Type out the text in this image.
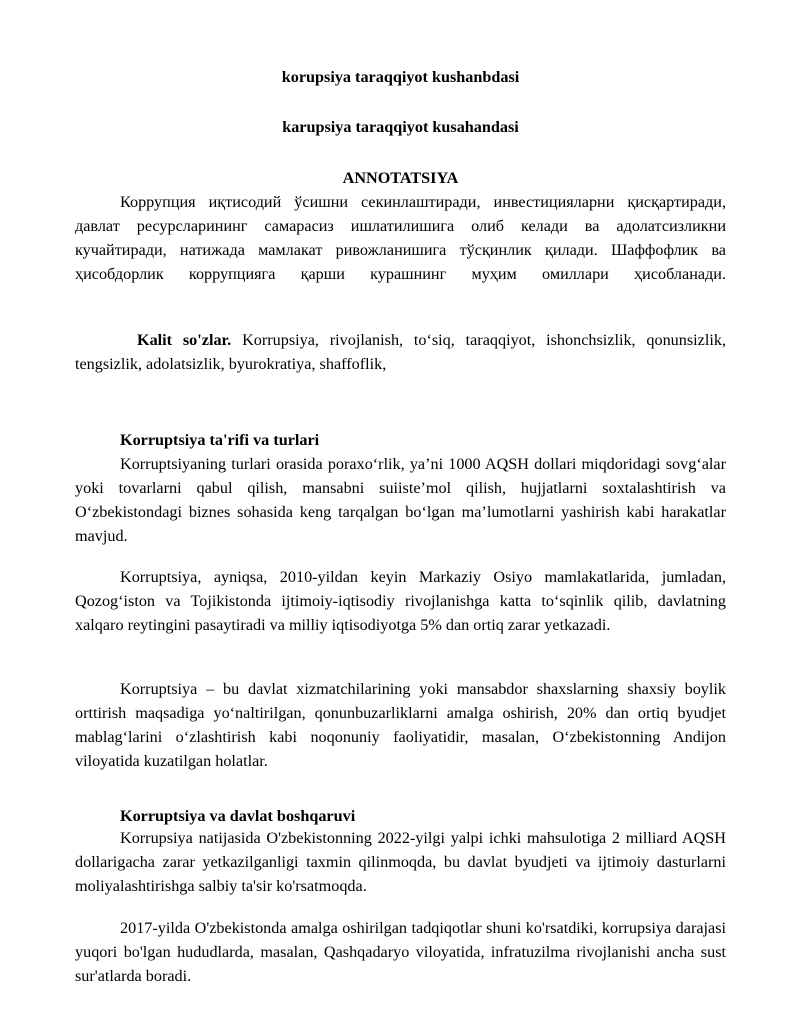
korupsiya taraqqiyot kushanbdasi

karupsiya taraqqiyot kusahandasi

ANNOTATSIYA

Коррупция иқтисодий ўсишни секинлаштиради, инвестицияларни қисқартиради, давлат ресурсларининг самарасиз ишлатилишига олиб келади ва адолатсизликни кучайтиради, натижада мамлакат ривожланишига тўсқинлик қилади. Шаффофлик ва ҳисобдорлик коррупцияга қарши курашнинг муҳим омиллари ҳисобланади.

Kalit so'zlar. Korrupsiya, rivojlanish, to‘siq, taraqqiyot, ishonchsizlik, qonunsizlik, tengsizlik, adolatsizlik, byurokratiya, shaffoflik,

Korruptsiya ta'rifi va turlari

Korruptsiyaning turlari orasida poraxo‘rlik, ya’ni 1000 AQSH dollari miqdoridagi sovg‘alar yoki tovarlarni qabul qilish, mansabni suiiste’mol qilish, hujjatlarni soxtalashtirish va O‘zbekistondagi biznes sohasida keng tarqalgan bo‘lgan ma’lumotlarni yashirish kabi harakatlar mavjud.

Korruptsiya, ayniqsa, 2010-yildan keyin Markaziy Osiyo mamlakatlarida, jumladan, Qozog‘iston va Tojikistonda ijtimoiy-iqtisodiy rivojlanishga katta to‘sqinlik qilib, davlatning xalqaro reytingini pasaytiradi va milliy iqtisodiyotga 5% dan ortiq zarar yetkazadi.

Korruptsiya – bu davlat xizmatchilarining yoki mansabdor shaxslarning shaxsiy boylik orttirish maqsadiga yo‘naltirilgan, qonunbuzarliklarni amalga oshirish, 20% dan ortiq byudjet mablag‘larini o‘zlashtirish kabi noqonuniy faoliyatidir, masalan, O‘zbekistonning Andijon viloyatida kuzatilgan holatlar.

Korruptsiya va davlat boshqaruvi

Korrupsiya natijasida O'zbekistonning 2022-yilgi yalpi ichki mahsulotiga 2 milliard AQSH dollarigacha zarar yetkazilganligi taxmin qilinmoqda, bu davlat byudjeti va ijtimoiy dasturlarni moliyalashtirishga salbiy ta'sir ko'rsatmoqda.

2017-yilda O'zbekistonda amalga oshirilgan tadqiqotlar shuni ko'rsatdiki, korrupsiya darajasi yuqori bo'lgan hududlarda, masalan, Qashqadaryo viloyatida, infratuzilma rivojlanishi ancha sust sur'atlarda boradi.
